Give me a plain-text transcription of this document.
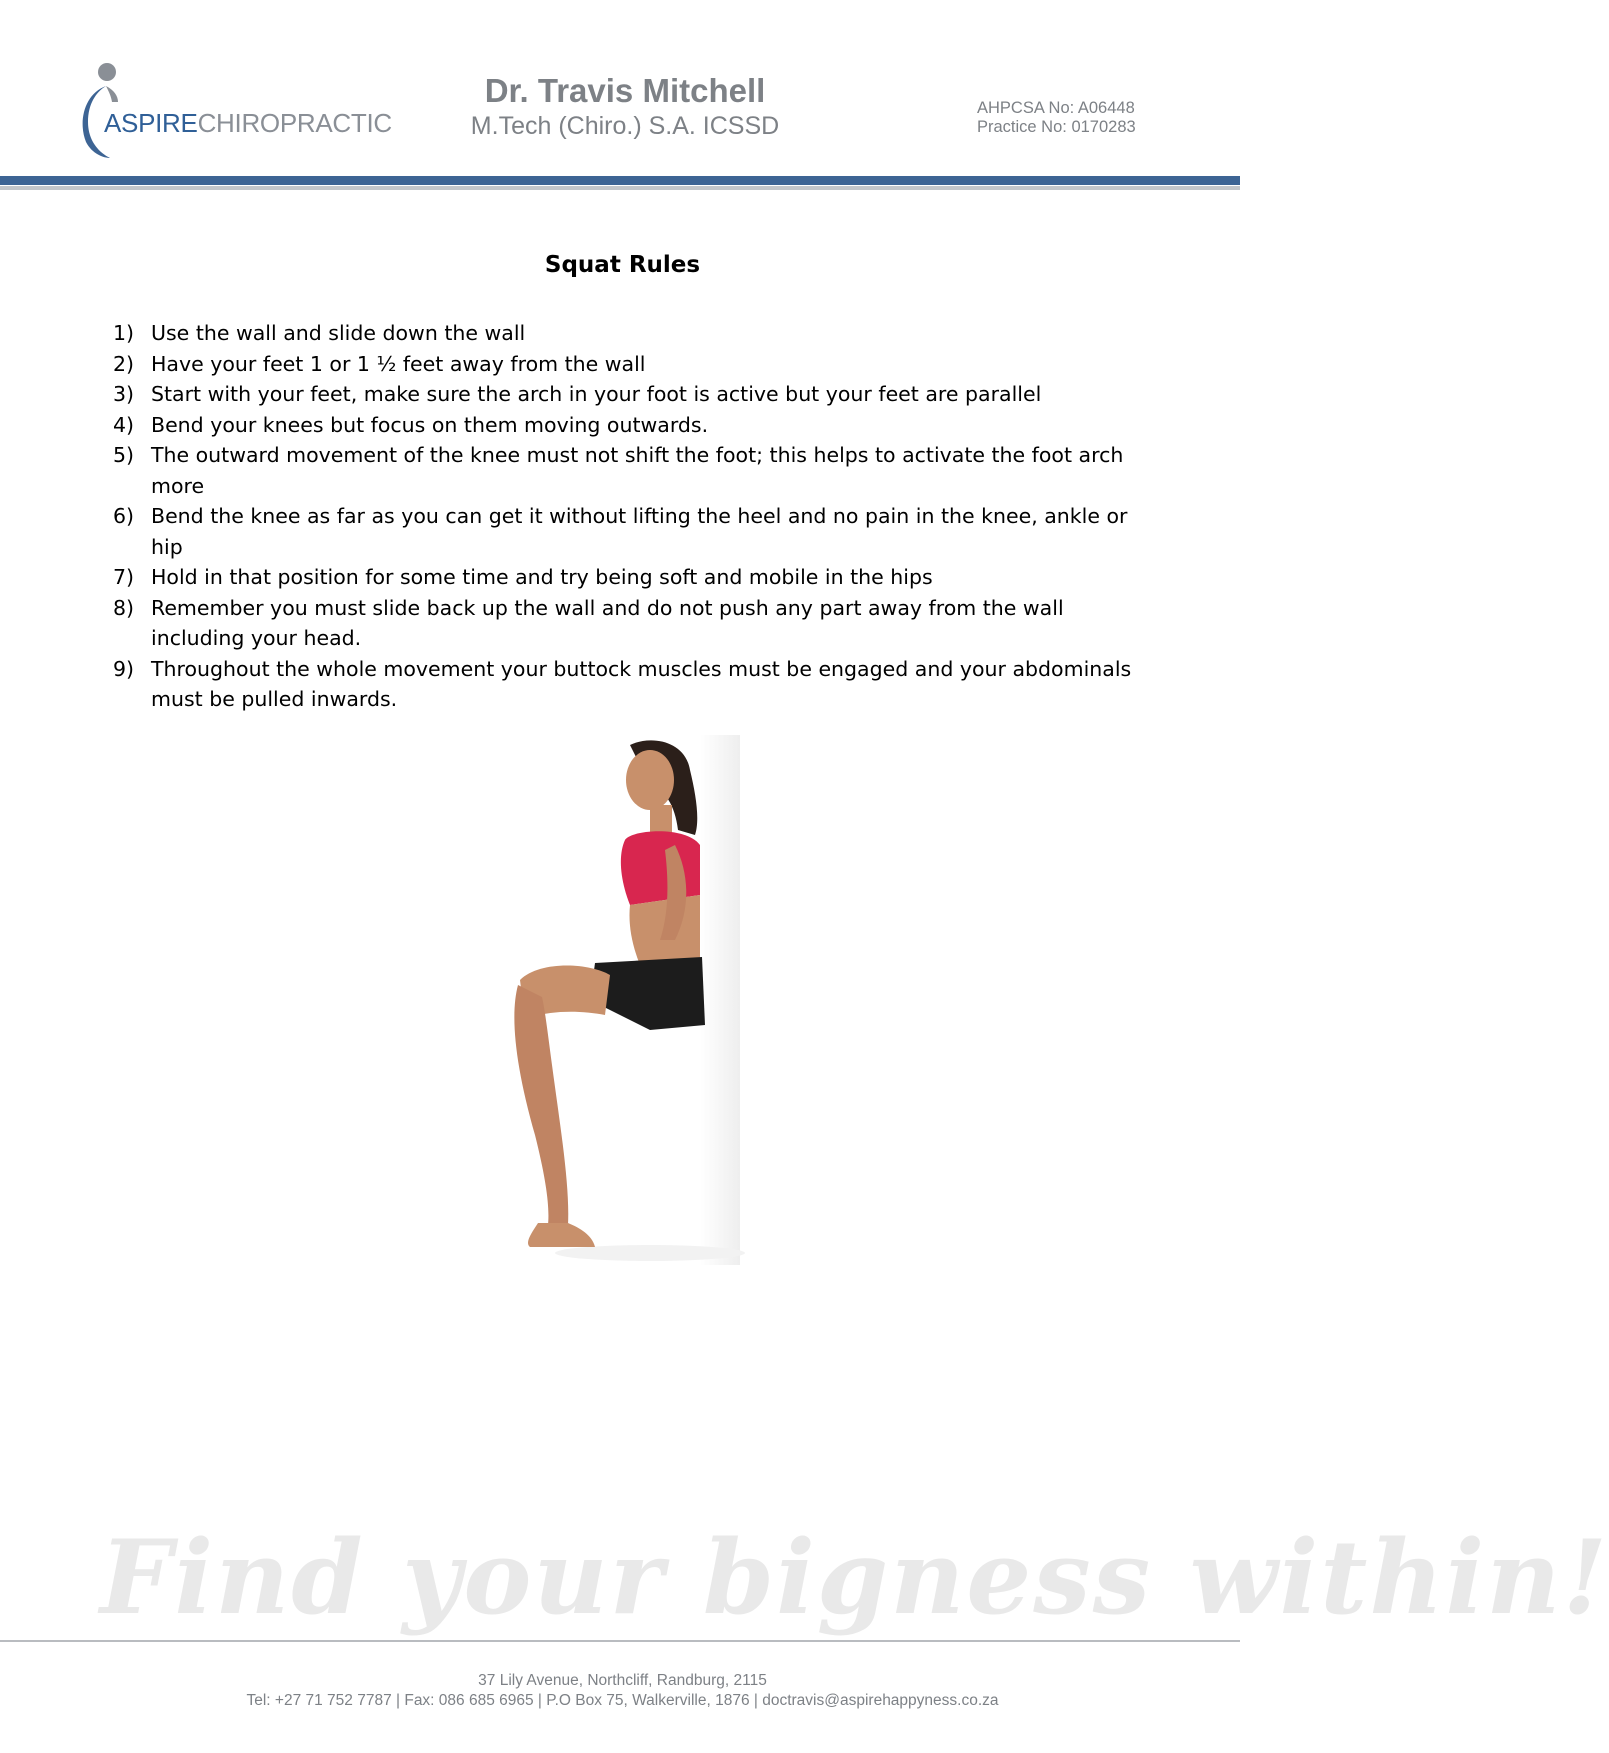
ASPIRECHIROPRACTIC
Dr. Travis Mitchell
M.Tech (Chiro.) S.A. ICSSD
AHPCSA No: A06448
Practice No: 0170283
Squat Rules
1) Use the wall and slide down the wall
2) Have your feet 1 or 1 ½ feet away from the wall
3) Start with your feet, make sure the arch in your foot is active but your feet are parallel
4) Bend your knees but focus on them moving outwards.
5) The outward movement of the knee must not shift the foot; this helps to activate the foot arch more
6) Bend the knee as far as you can get it without lifting the heel and no pain in the knee, ankle or hip
7) Hold in that position for some time and try being soft and mobile in the hips
8) Remember you must slide back up the wall and do not push any part away from the wall including your head.
9) Throughout the whole movement your buttock muscles must be engaged and your abdominals must be pulled inwards.
Find your bigness within!
37 Lily Avenue, Northcliff, Randburg, 2115
Tel: +27 71 752 7787 | Fax: 086 685 6965 | P.O Box 75, Walkerville, 1876 | doctravis@aspirehappyness.co.za
